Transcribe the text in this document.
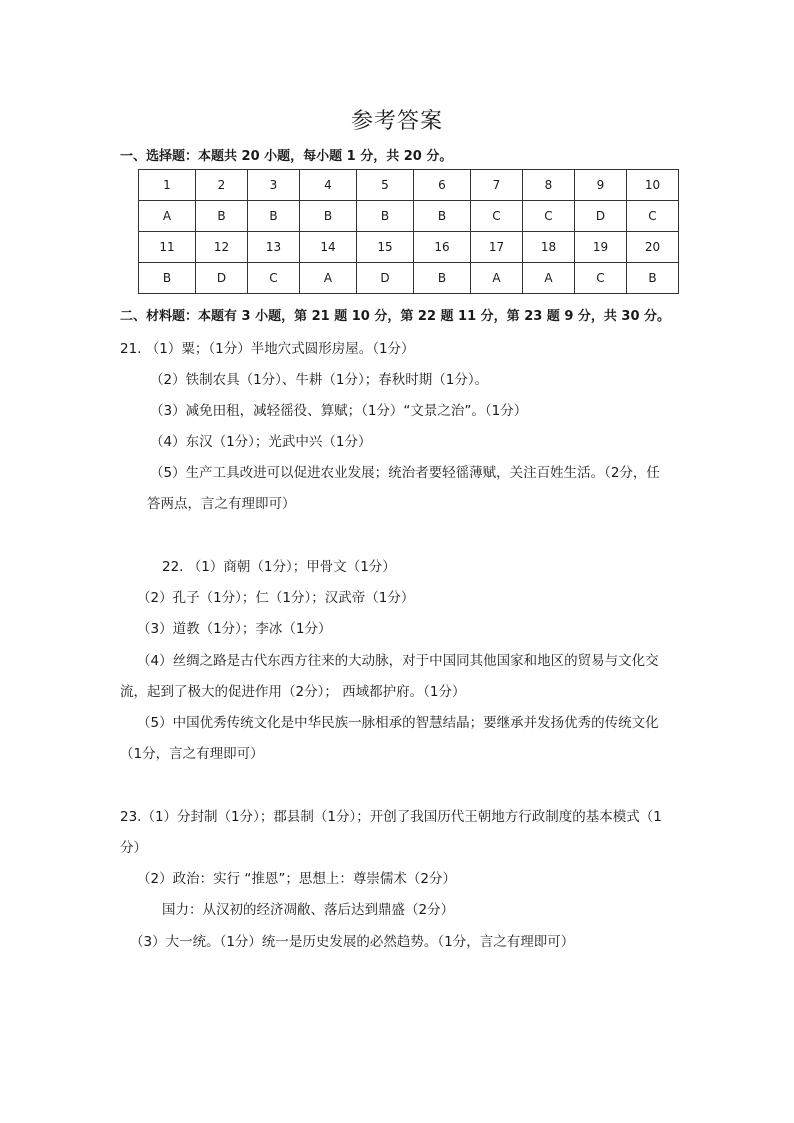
参考答案
一、选择题：本题共 20 小题，每小题 1 分，共 20 分。
1	2	3	4	5	6	7	8	9	10
A	B	B	B	B	B	C	C	D	C
11	12	13	14	15	16	17	18	19	20
B	D	C	A	D	B	A	A	C	B
二、材料题：本题有 3 小题，第 21 题 10 分，第 22 题 11 分，第 23 题 9 分，共 30 分。
21. （1）粟；（1分）半地穴式圆形房屋。（1分）
（2）铁制农具（1分）、牛耕（1分）；春秋时期（1分）。
（3）减免田租，减轻徭役、算赋；（1分）“文景之治”。（1分）
（4）东汉（1分）；光武中兴（1分）
（5）生产工具改进可以促进农业发展；统治者要轻徭薄赋，关注百姓生活。（2分，任
答两点，言之有理即可）
22. （1）商朝（1分）；甲骨文（1分）
（2）孔子（1分）；仁（1分）；汉武帝（1分）
（3）道教（1分）；李冰（1分）
（4）丝绸之路是古代东西方往来的大动脉，对于中国同其他国家和地区的贸易与文化交
流，起到了极大的促进作用（2分）； 西域都护府。（1分）
（5）中国优秀传统文化是中华民族一脉相承的智慧结晶；要继承并发扬优秀的传统文化
（1分，言之有理即可）
23.（1）分封制（1分）；郡县制（1分）；开创了我国历代王朝地方行政制度的基本模式（1
分）
（2）政治：实行 “推恩”；思想上：尊崇儒术（2分）
国力：从汉初的经济凋敝、落后达到鼎盛（2分）
（3）大一统。（1分）统一是历史发展的必然趋势。（1分，言之有理即可）
